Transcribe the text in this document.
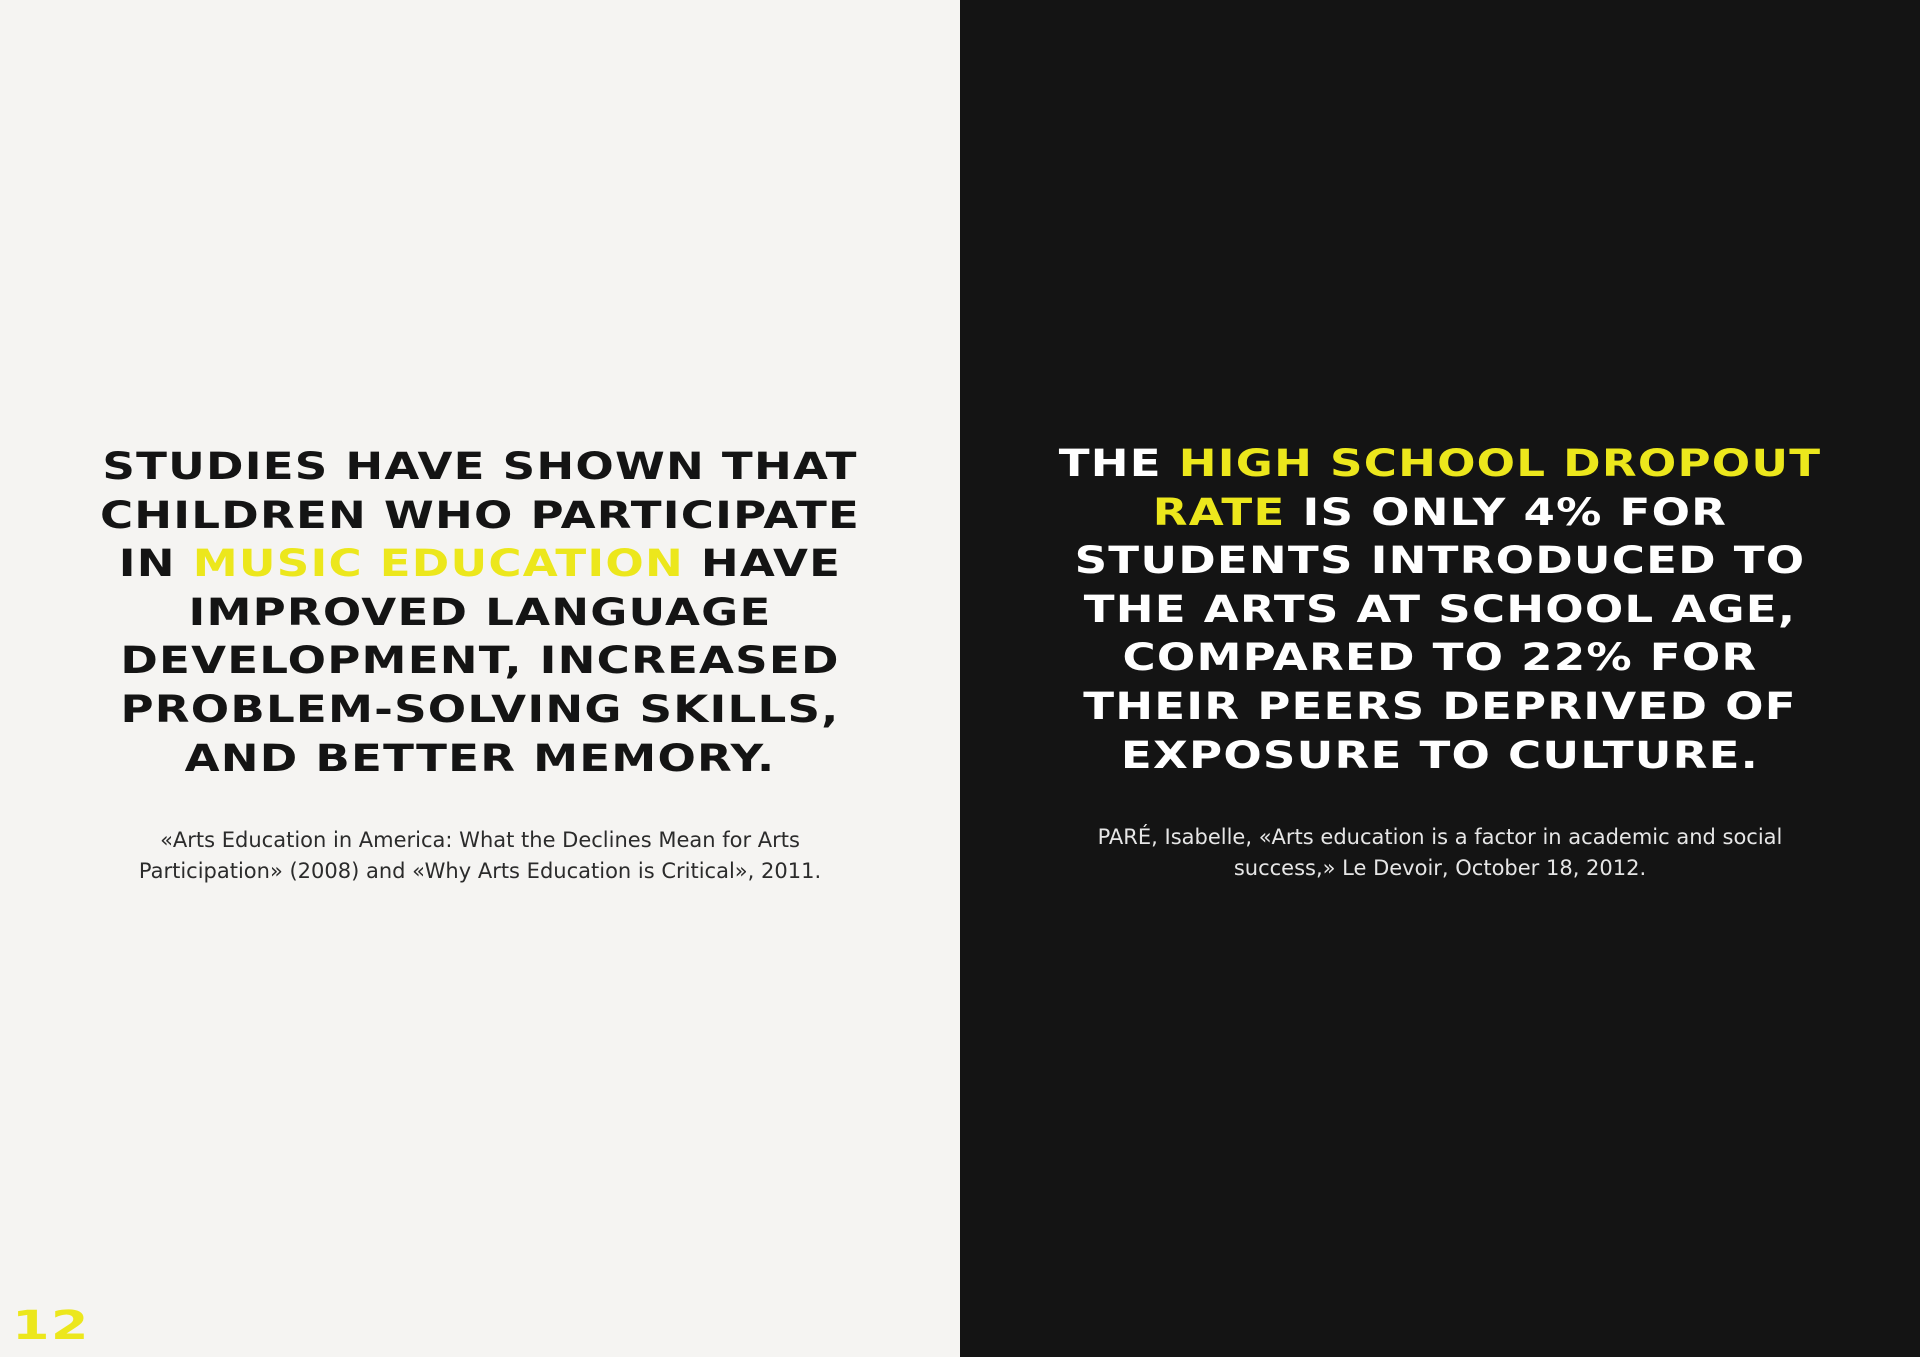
STUDIES HAVE SHOWN THAT
CHILDREN WHO PARTICIPATE
IN MUSIC EDUCATION HAVE
IMPROVED LANGUAGE
DEVELOPMENT, INCREASED
PROBLEM-SOLVING SKILLS,
AND BETTER MEMORY.

«Arts Education in America: What the Declines Mean for Arts
Participation» (2008) and «Why Arts Education is Critical», 2011.

12
THE HIGH SCHOOL DROPOUT
RATE IS ONLY 4% FOR
STUDENTS INTRODUCED TO
THE ARTS AT SCHOOL AGE,
COMPARED TO 22% FOR
THEIR PEERS DEPRIVED OF
EXPOSURE TO CULTURE.

PARÉ, Isabelle, «Arts education is a factor in academic and social
success,» Le Devoir, October 18, 2012.
